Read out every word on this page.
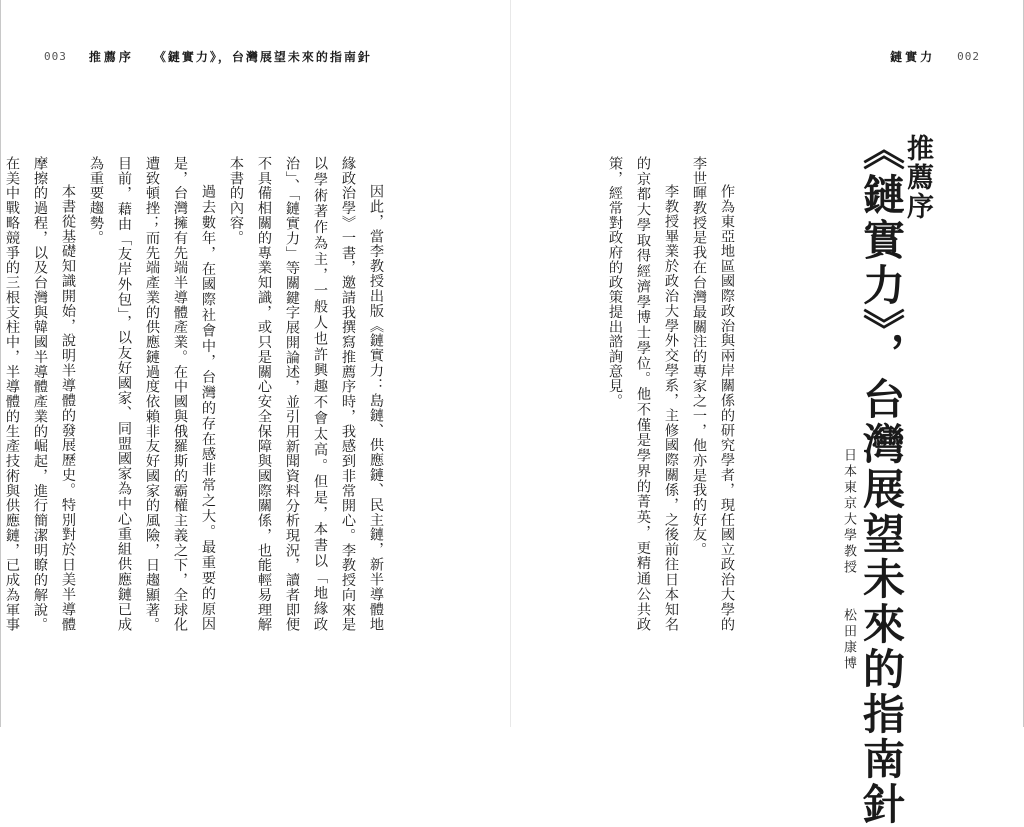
003 推薦序 《鏈實力》，台灣展望未來的指南針	鏈實力 002
推薦序
《鏈實力》，台灣展望未來的指南針
日本東京大學教授　　松田康博

作為東亞地區國際政治與兩岸關係的研究學者，現任國立政治大學的李世暉教授是我在台灣最關注的專家之一，他亦是我的好友。

李教授畢業於政治大學外交學系，主修國際關係，之後前往日本知名的京都大學取得經濟學博士學位。他不僅是學界的菁英，更精通公共政策，經常對政府的政策提出諮詢意見。

因此，當李教授出版《鏈實力：島鏈、供應鏈、民主鏈，新半導體地緣政治學》一書，邀請我撰寫推薦序時，我感到非常開心。李教授向來是以學術著作為主，一般人也許興趣不會太高。但是，本書以「地緣政治」、「鏈實力」等關鍵字展開論述，並引用新聞資料分析現況，讀者即便不具備相關的專業知識，或只是關心安全保障與國際關係，也能輕易理解本書的內容。

過去數年，在國際社會中，台灣的存在感非常之大。最重要的原因是，台灣擁有先端半導體產業。在中國與俄羅斯的霸權主義之下，全球化遭致頓挫；而先端產業的供應鏈過度依賴非友好國家的風險，日趨顯著。目前，藉由「友岸外包」，以友好國家、同盟國家為中心重組供應鏈已成為重要趨勢。

本書從基礎知識開始，說明半導體的發展歷史。特別對於日美半導體摩擦的過程，以及台灣與韓國半導體產業的崛起，進行簡潔明瞭的解說。在美中戰略競爭的三根支柱中，半導體的生產技術與供應鏈，已成為軍事
